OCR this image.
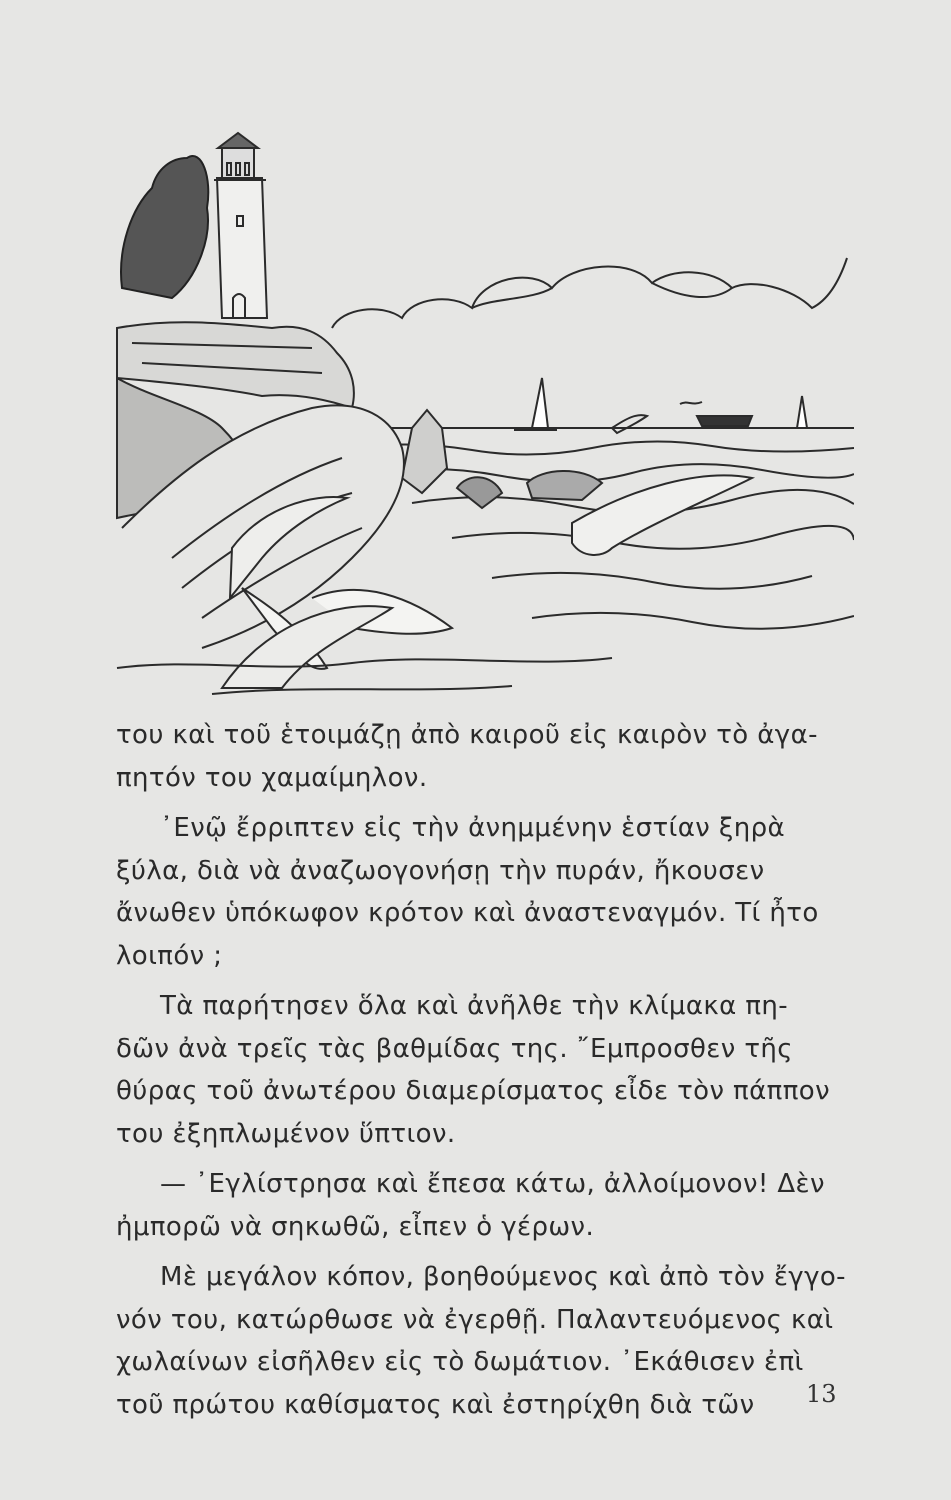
του καὶ τοῦ ἑτοιμάζῃ ἀπὸ καιροῦ εἰς καιρὸν τὸ ἀγα-
πητόν του χαμαίμηλον.

᾿Ενῷ ἔρριπτεν εἰς τὴν ἀνημμένην ἑστίαν ξηρὰ
ξύλα, διὰ νὰ ἀναζωογονήσῃ τὴν πυράν, ἤκουσεν
ἄνωθεν ὑπόκωφον κρότον καὶ ἀναστεναγμόν. Τί ἦτο
λοιπόν ;

Τὰ παρήτησεν ὅλα καὶ ἀνῆλθε τὴν κλίμακα πη-
δῶν ἀνὰ τρεῖς τὰς βαθμίδας της. ῎Εμπροσθεν τῆς
θύρας τοῦ ἀνωτέρου διαμερίσματος εἶδε τὸν πάππον
του ἐξηπλωμένον ὕπτιον.

— ᾿Εγλίστρησα καὶ ἔπεσα κάτω, ἀλλοίμονον! Δὲν
ἠμπορῶ νὰ σηκωθῶ, εἶπεν ὁ γέρων.

Μὲ μεγάλον κόπον, βοηθούμενος καὶ ἀπὸ τὸν ἔγγο-
νόν του, κατώρθωσε νὰ ἐγερθῇ. Παλαντευόμενος καὶ
χωλαίνων εἰσῆλθεν εἰς τὸ δωμάτιον. ᾿Εκάθισεν ἐπὶ
τοῦ πρώτου καθίσματος καὶ ἐστηρίχθη διὰ τῶν	13
